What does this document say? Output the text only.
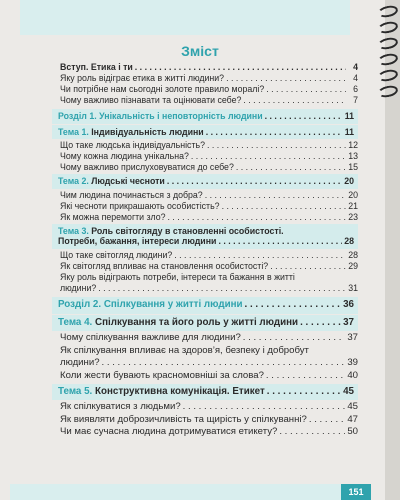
Зміст
Вступ. Етика і ти . . .	4
Яку роль відіграє етика в житті людини? . . .	4
Чи потрібне нам сьогодні золоте правило моралі? . . .	6
Чому важливо пізнавати та оцінювати себе? . . .	7
Розділ 1. Унікальність і неповторність людини . . .	11
Тема 1. Індивідуальність людини . . .	11
Що таке людська індивідуальність? . . .	12
Чому кожна людина унікальна? . . .	13
Чому важливо прислуховуватися до себе? . . .	15
Тема 2. Людські чесноти . . .	20
Чим людина починається з добра? . . .	20
Які чесноти прикрашають особистість? . . .	21
Як можна перемогти зло? . . .	23
Тема 3. Роль світогляду в становленні особистості.
Потреби, бажання, інтереси людини . . .	28
Що таке світогляд людини? . . .	28
Як світогляд впливає на становлення особистості? . . .	29
Яку роль відіграють потреби, інтереси та бажання в житті
людини? . . .	31
Розділ 2. Спілкування у житті людини . . .	36
Тема 4. Спілкування та його роль у житті людини . . .	37
Чому спілкування важливе для людини? . . .	37
Як спілкування впливає на здоров’я, безпеку і добробут
людини? . . .	39
Коли жести бувають красномовніші за слова? . . .	40
Тема 5. Конструктивна комунікація. Етикет . . .	45
Як спілкуватися з людьми? . . .	45
Як виявляти доброзичливість та щирість у спілкуванні? . . .	47
Чи має сучасна людина дотримуватися етикету? . . .	50
151
